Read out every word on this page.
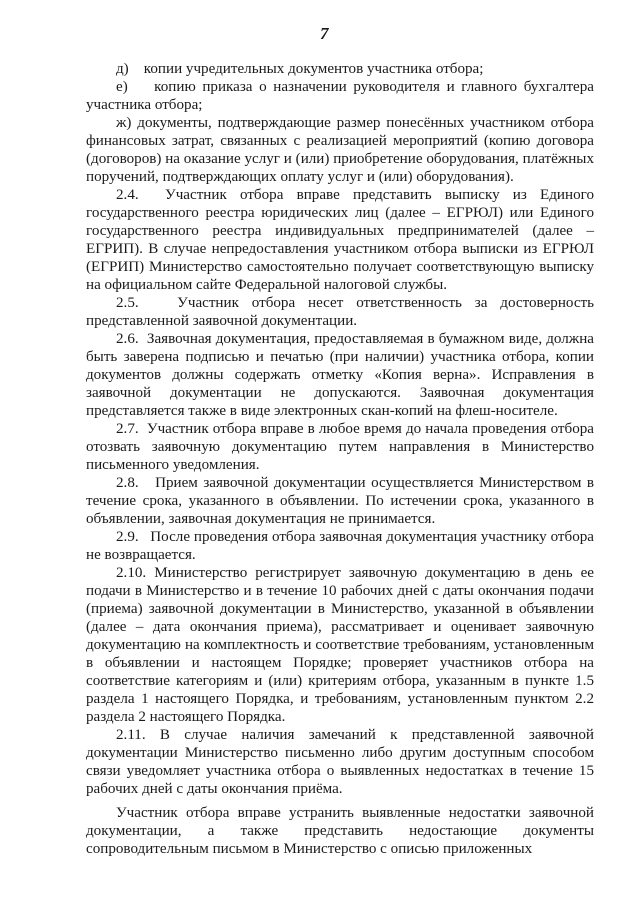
7

д)    копии учредительных документов участника отбора;

е)    копию приказа о назначении руководителя и главного бухгалтера участника отбора;

ж) документы, подтверждающие размер понесённых участником отбора финансовых затрат, связанных с реализацией мероприятий (копию договора (договоров) на оказание услуг и (или) приобретение оборудования, платёжных поручений, подтверждающих оплату услуг и (или) оборудования).

2.4.  Участник отбора вправе представить выписку из Единого государственного реестра юридических лиц (далее – ЕГРЮЛ) или Единого государственного реестра индивидуальных предпринимателей (далее – ЕГРИП). В случае непредоставления участником отбора выписки из ЕГРЮЛ (ЕГРИП) Министерство самостоятельно получает соответствующую выписку на официальном сайте Федеральной налоговой службы.

2.5.   Участник отбора несет ответственность за достоверность представленной заявочной документации.

2.6.  Заявочная документация, предоставляемая в бумажном виде, должна быть заверена подписью и печатью (при наличии) участника отбора, копии документов должны содержать отметку «Копия верна». Исправления в заявочной документации не допускаются. Заявочная документация представляется также в виде электронных скан-копий на флеш-носителе.

2.7.  Участник отбора вправе в любое время до начала проведения отбора отозвать заявочную документацию путем направления в Министерство письменного уведомления.

2.8.   Прием заявочной документации осуществляется Министерством в течение срока, указанного в объявлении. По истечении срока, указанного в объявлении, заявочная документация не принимается.

2.9.   После проведения отбора заявочная документация участнику отбора не возвращается.

2.10. Министерство регистрирует заявочную документацию в день ее подачи в Министерство и в течение 10 рабочих дней с даты окончания подачи (приема) заявочной документации в Министерство, указанной в объявлении (далее – дата окончания приема), рассматривает и оценивает заявочную документацию на комплектность и соответствие требованиям, установленным в объявлении и настоящем Порядке; проверяет участников отбора на соответствие категориям и (или) критериям отбора, указанным в пункте 1.5 раздела 1 настоящего Порядка, и требованиям, установленным пунктом 2.2 раздела 2 настоящего Порядка.

2.11. В случае наличия замечаний к представленной заявочной документации Министерство письменно либо другим доступным способом связи уведомляет участника отбора о выявленных недостатках в течение 15 рабочих дней с даты окончания приёма.

Участник отбора вправе устранить выявленные недостатки заявочной документации, а также представить недостающие документы сопроводительным письмом в Министерство с описью приложенных
